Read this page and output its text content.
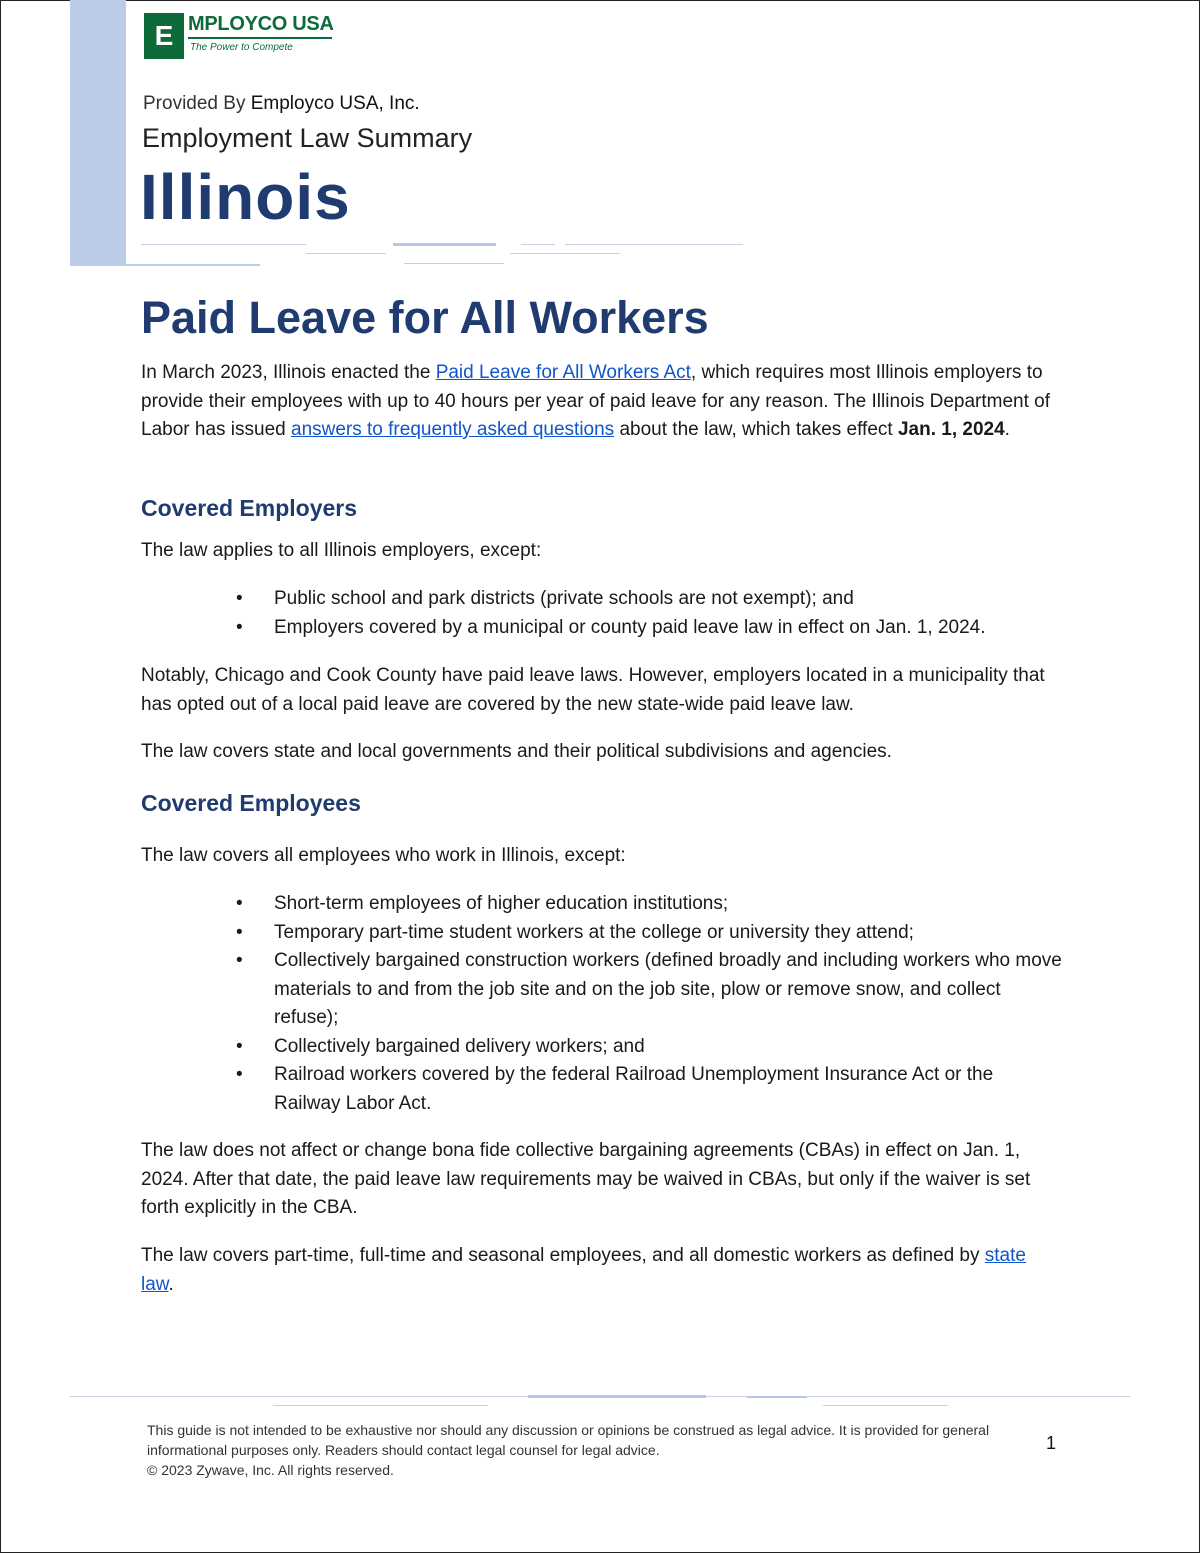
E MPLOYCO USA
The Power to Compete
Provided By Employco USA, Inc.
Employment Law Summary
Illinois
Paid Leave for All Workers

In March 2023, Illinois enacted the Paid Leave for All Workers Act, which requires most Illinois employers to provide their employees with up to 40 hours per year of paid leave for any reason. The Illinois Department of Labor has issued answers to frequently asked questions about the law, which takes effect Jan. 1, 2024.

Covered Employers

The law applies to all Illinois employers, except:

• Public school and park districts (private schools are not exempt); and
• Employers covered by a municipal or county paid leave law in effect on Jan. 1, 2024.

Notably, Chicago and Cook County have paid leave laws. However, employers located in a municipality that has opted out of a local paid leave are covered by the new state-wide paid leave law.

The law covers state and local governments and their political subdivisions and agencies.

Covered Employees

The law covers all employees who work in Illinois, except:

• Short-term employees of higher education institutions;
• Temporary part-time student workers at the college or university they attend;
• Collectively bargained construction workers (defined broadly and including workers who move materials to and from the job site and on the job site, plow or remove snow, and collect refuse);
• Collectively bargained delivery workers; and
• Railroad workers covered by the federal Railroad Unemployment Insurance Act or the Railway Labor Act.

The law does not affect or change bona fide collective bargaining agreements (CBAs) in effect on Jan. 1, 2024. After that date, the paid leave law requirements may be waived in CBAs, but only if the waiver is set forth explicitly in the CBA.

The law covers part-time, full-time and seasonal employees, and all domestic workers as defined by state law.

This guide is not intended to be exhaustive nor should any discussion or opinions be construed as legal advice. It is provided for general informational purposes only. Readers should contact legal counsel for legal advice.

© 2023 Zywave, Inc. All rights reserved.
1
